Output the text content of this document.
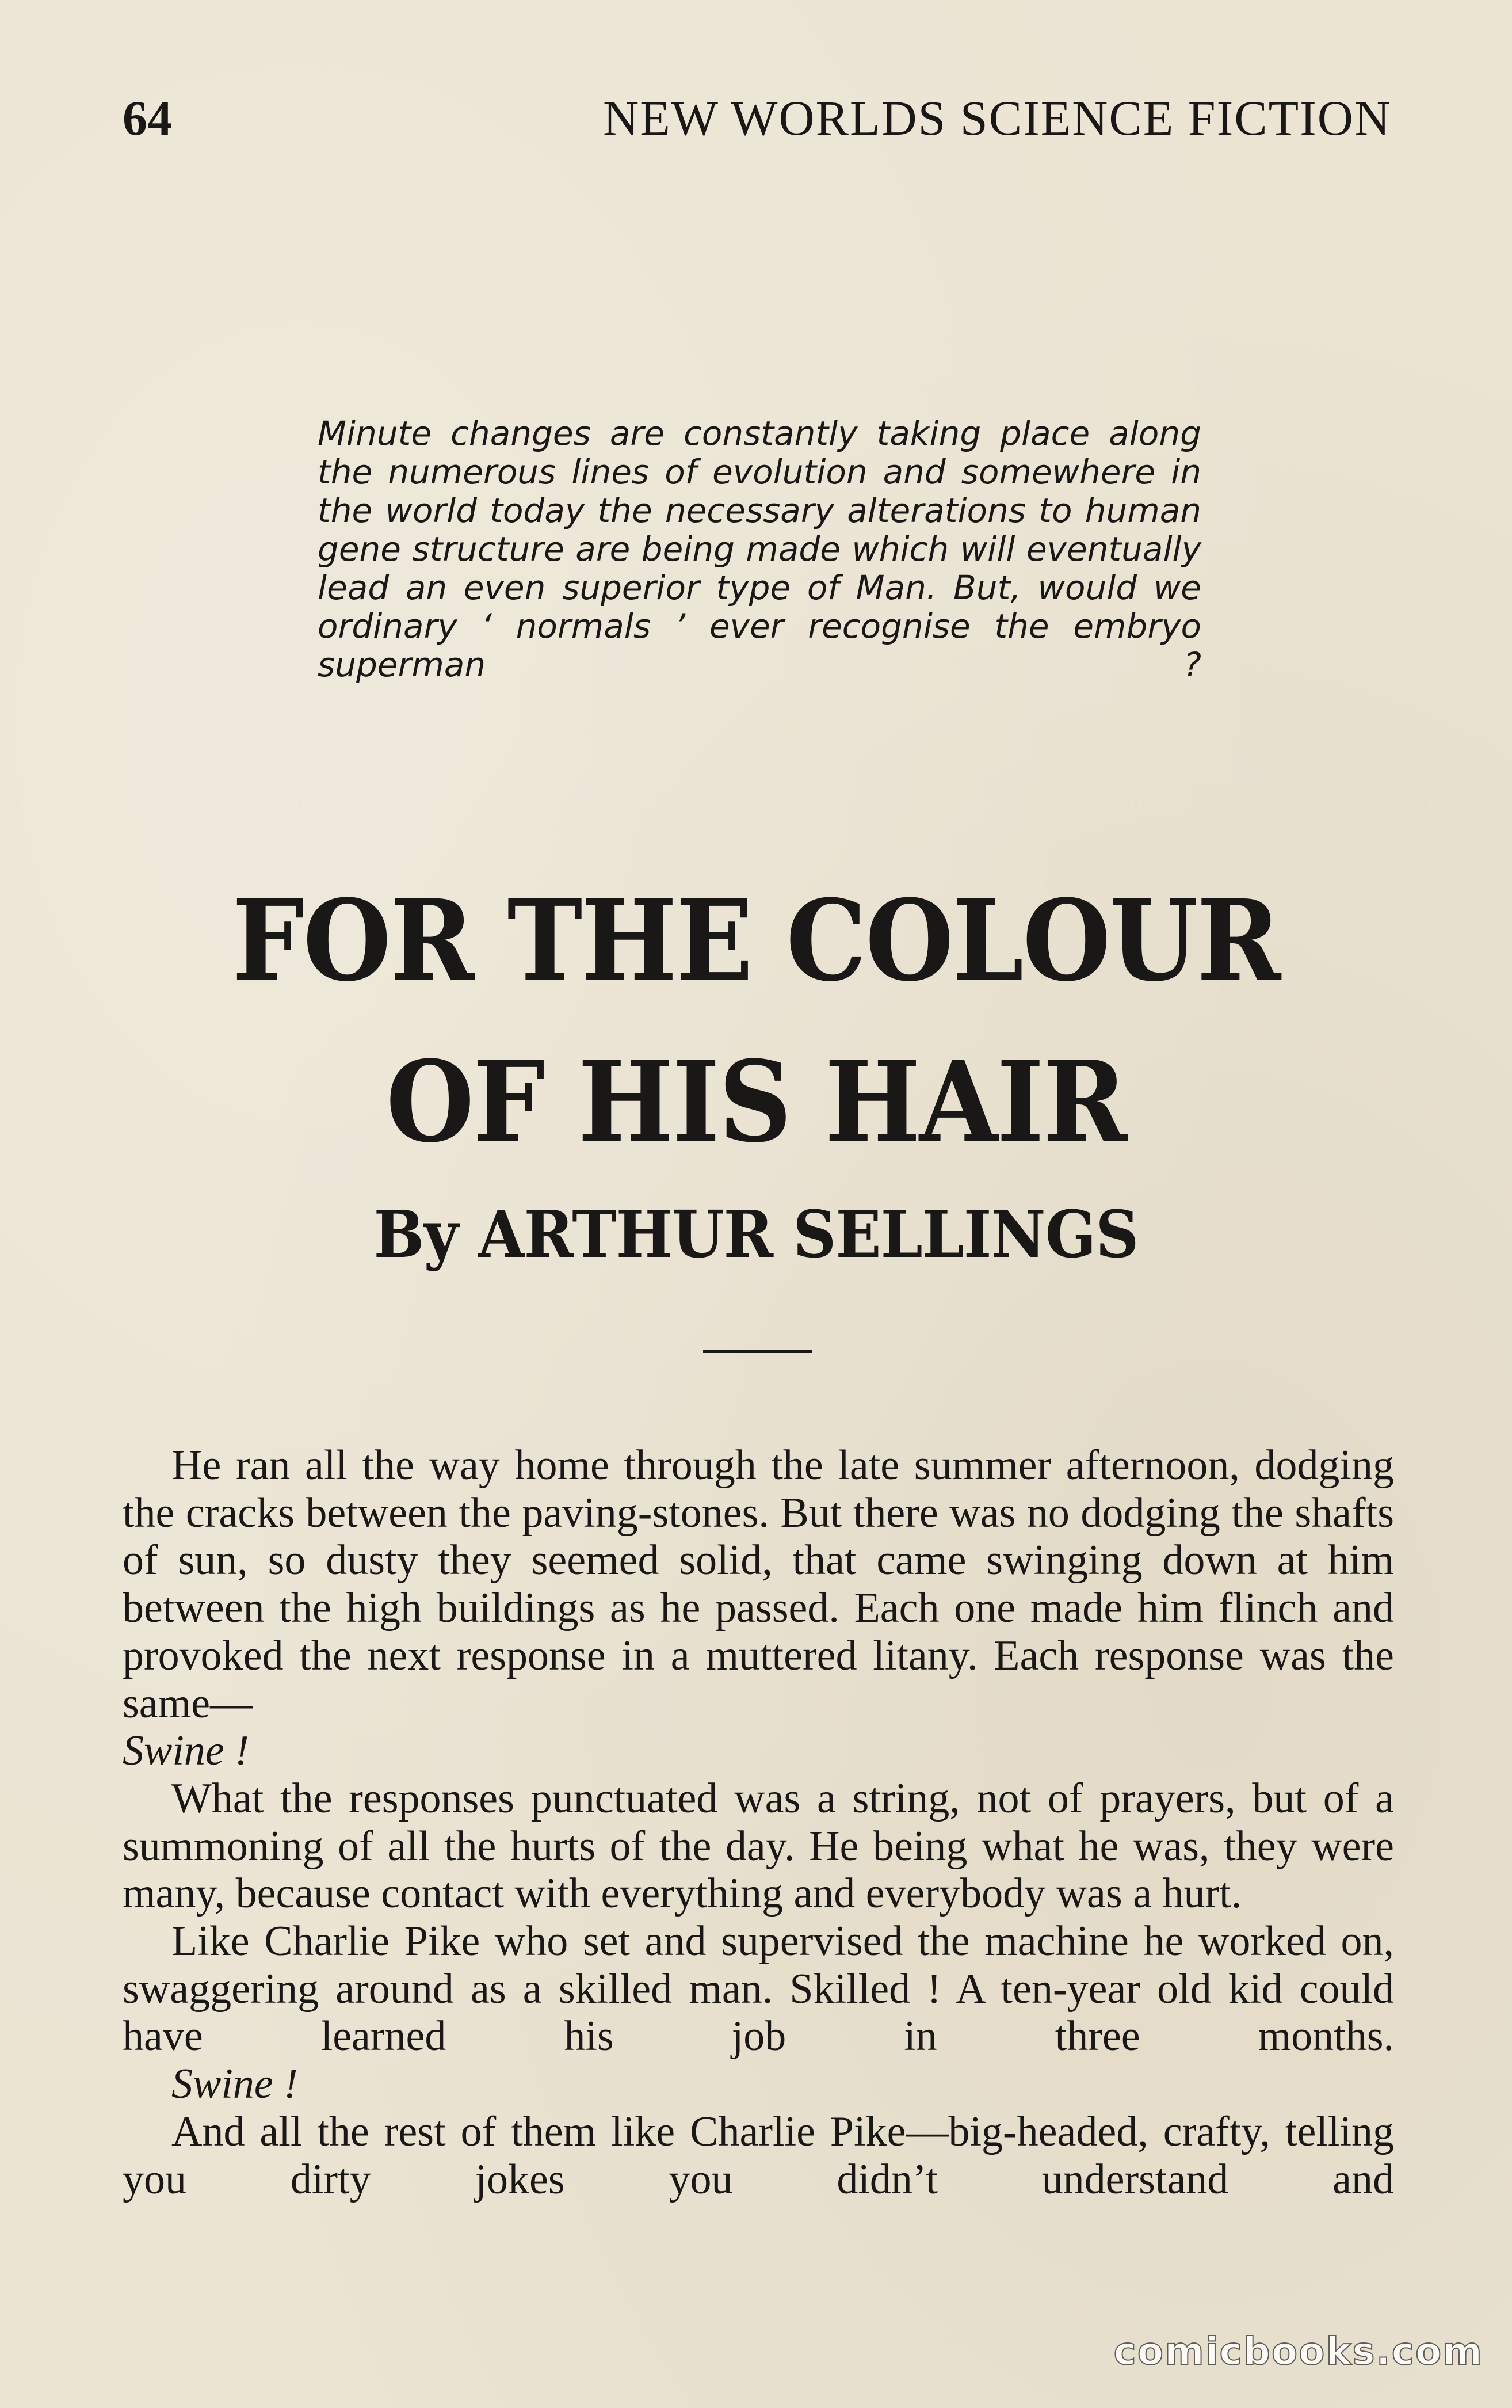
64	NEW WORLDS SCIENCE FICTION

Minute changes are constantly taking place along the numerous lines of evolution and somewhere in the world today the necessary alterations to human gene structure are being made which will eventually lead an even superior type of Man. But, would we ordinary ‘ normals ’ ever recognise the embryo superman ?

FOR THE COLOUR
OF HIS HAIR
By ARTHUR SELLINGS

He ran all the way home through the late summer afternoon, dodging the cracks between the paving-stones. But there was no dodging the shafts of sun, so dusty they seemed solid, that came swinging down at him between the high buildings as he passed. Each one made him flinch and provoked the next response in a muttered litany. Each response was the same—

Swine !

What the responses punctuated was a string, not of prayers, but of a summoning of all the hurts of the day. He being what he was, they were many, because contact with everything and everybody was a hurt.

Like Charlie Pike who set and supervised the machine he worked on, swaggering around as a skilled man. Skilled ! A ten-year old kid could have learned his job in three months.

Swine !

And all the rest of them like Charlie Pike—big-headed, crafty, telling you dirty jokes you didn’t understand and

comicbooks.com
